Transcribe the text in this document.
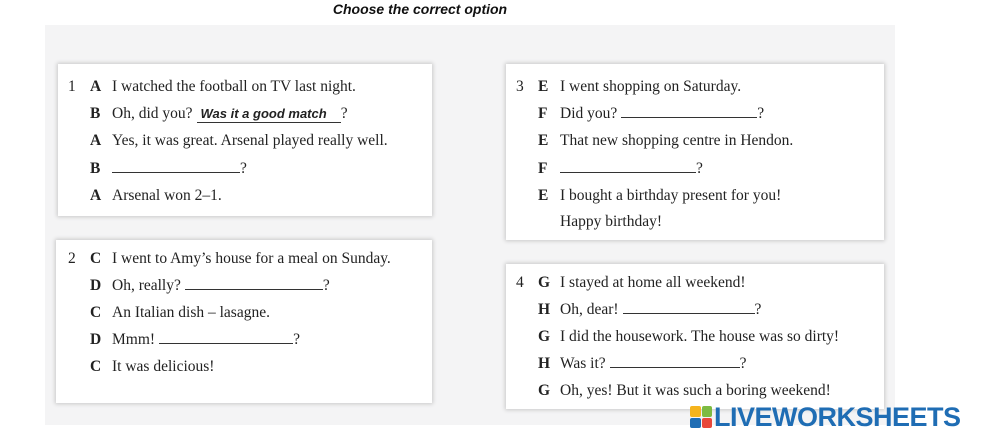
Choose the correct option
1 A I watched the football on TV last night.
B Oh, did you? Was it a good match ?
A Yes, it was great. Arsenal played really well.
B	?
A Arsenal won 2–1.
2 C I went to Amy’s house for a meal on Sunday.
D Oh, really?	?
C An Italian dish – lasagne.
D Mmm!	?
C It was delicious!
3 E I went shopping on Saturday.
F Did you?	?
E That new shopping centre in Hendon.
F	?
E I bought a birthday present for you!
Happy birthday!
4 G I stayed at home all weekend!
H Oh, dear!	?
G I did the housework. The house was so dirty!
H Was it?	?
G Oh, yes! But it was such a boring weekend!
LIVEWORKSHEETS
